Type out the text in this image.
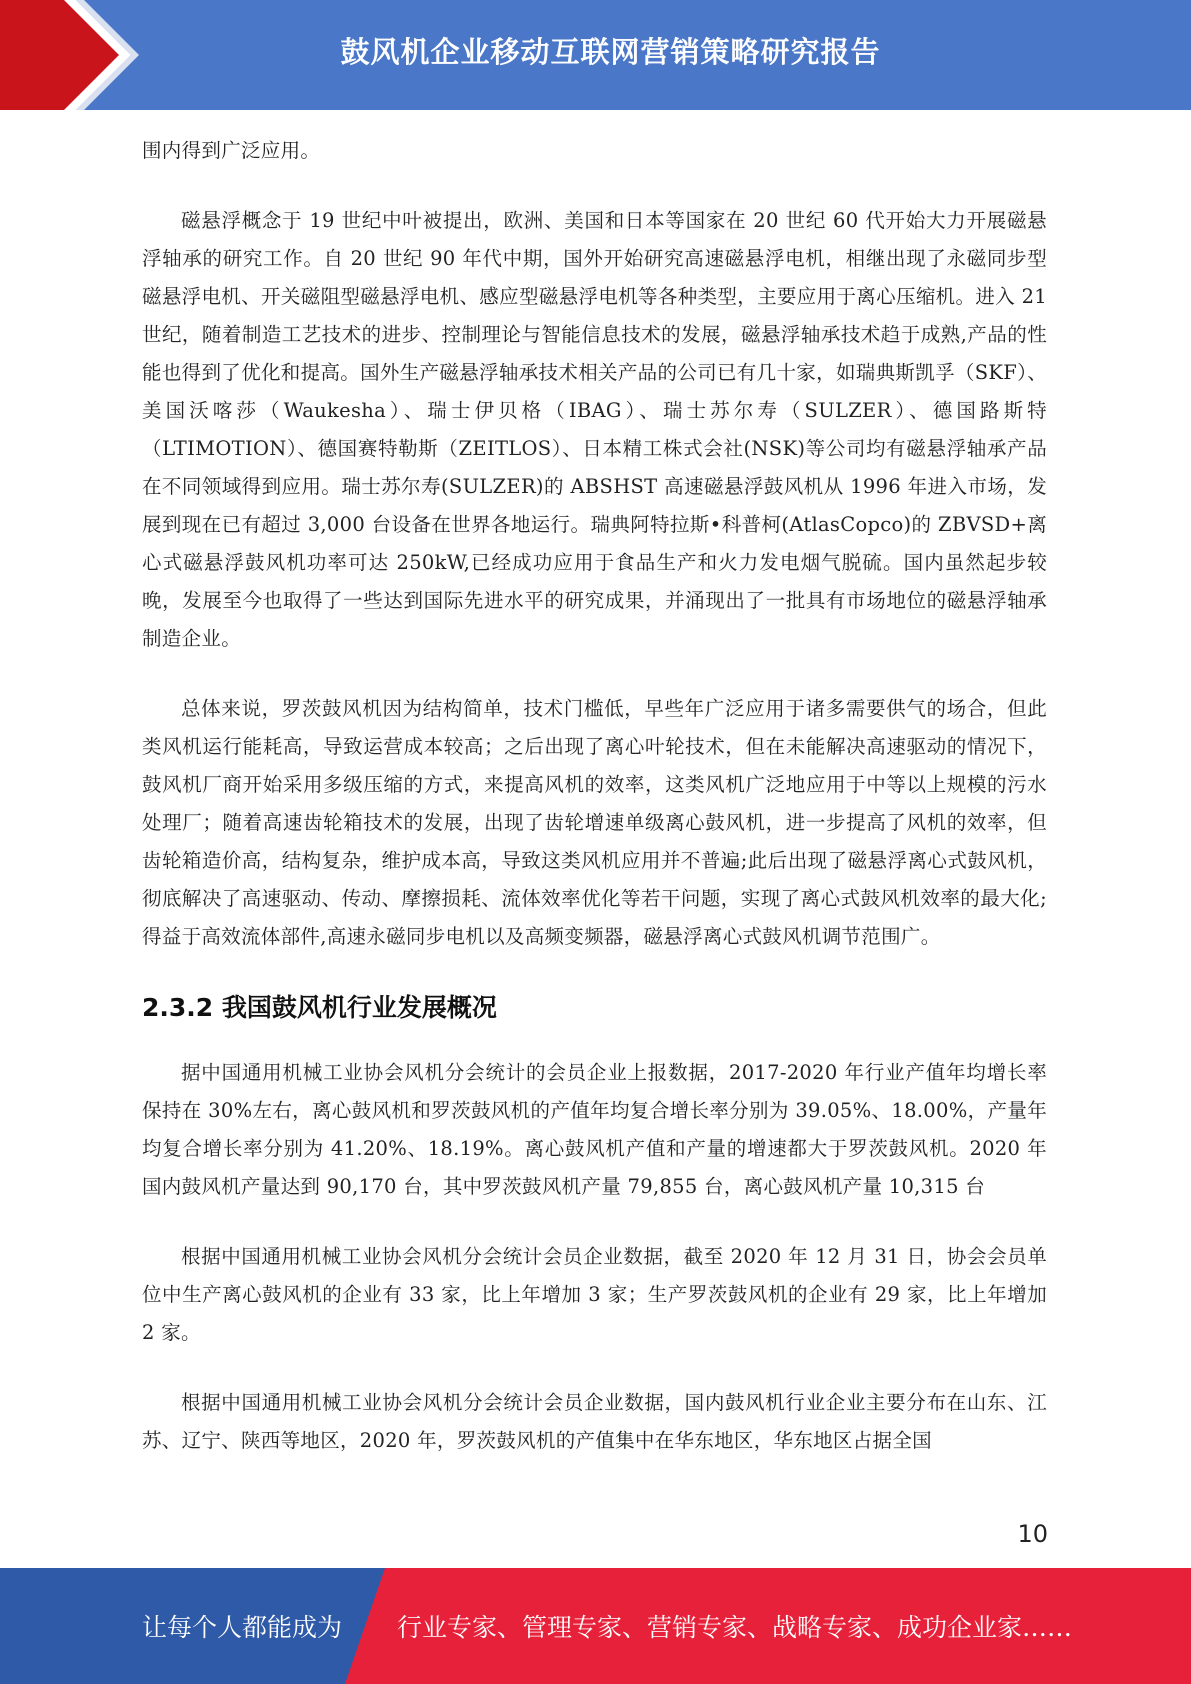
鼓风机企业移动互联网营销策略研究报告

围内得到广泛应用。

磁悬浮概念于 19 世纪中叶被提出，欧洲、美国和日本等国家在 20 世纪 60 代开始大力开展磁悬浮轴承的研究工作。自 20 世纪 90 年代中期，国外开始研究高速磁悬浮电机，相继出现了永磁同步型磁悬浮电机、开关磁阻型磁悬浮电机、感应型磁悬浮电机等各种类型，主要应用于离心压缩机。进入 21 世纪，随着制造工艺技术的进步、控制理论与智能信息技术的发展，磁悬浮轴承技术趋于成熟,产品的性能也得到了优化和提高。国外生产磁悬浮轴承技术相关产品的公司已有几十家，如瑞典斯凯孚（SKF）、美国沃喀莎（Waukesha）、瑞士伊贝格（IBAG）、瑞士苏尔寿（SULZER）、德国路斯特（LTIMOTION）、德国赛特勒斯（ZEITLOS）、日本精工株式会社(NSK)等公司均有磁悬浮轴承产品在不同领域得到应用。瑞士苏尔寿(SULZER)的 ABSHST 高速磁悬浮鼓风机从 1996 年进入市场，发展到现在已有超过 3,000 台设备在世界各地运行。瑞典阿特拉斯•科普柯(AtlasCopco)的 ZBVSD+离心式磁悬浮鼓风机功率可达 250kW,已经成功应用于食品生产和火力发电烟气脱硫。国内虽然起步较晚，发展至今也取得了一些达到国际先进水平的研究成果，并涌现出了一批具有市场地位的磁悬浮轴承制造企业。

总体来说，罗茨鼓风机因为结构简单，技术门槛低，早些年广泛应用于诸多需要供气的场合，但此类风机运行能耗高，导致运营成本较高；之后出现了离心叶轮技术，但在未能解决高速驱动的情况下，鼓风机厂商开始采用多级压缩的方式，来提高风机的效率，这类风机广泛地应用于中等以上规模的污水处理厂；随着高速齿轮箱技术的发展，出现了齿轮增速单级离心鼓风机，进一步提高了风机的效率，但齿轮箱造价高，结构复杂，维护成本高，导致这类风机应用并不普遍;此后出现了磁悬浮离心式鼓风机，彻底解决了高速驱动、传动、摩擦损耗、流体效率优化等若干问题，实现了离心式鼓风机效率的最大化;得益于高效流体部件,高速永磁同步电机以及高频变频器，磁悬浮离心式鼓风机调节范围广。

2.3.2 我国鼓风机行业发展概况

据中国通用机械工业协会风机分会统计的会员企业上报数据，2017-2020 年行业产值年均增长率保持在 30%左右，离心鼓风机和罗茨鼓风机的产值年均复合增长率分别为 39.05%、18.00%，产量年均复合增长率分别为 41.20%、18.19%。离心鼓风机产值和产量的增速都大于罗茨鼓风机。2020 年国内鼓风机产量达到 90,170 台，其中罗茨鼓风机产量 79,855 台，离心鼓风机产量 10,315 台

根据中国通用机械工业协会风机分会统计会员企业数据，截至 2020 年 12 月 31 日，协会会员单位中生产离心鼓风机的企业有 33 家，比上年增加 3 家；生产罗茨鼓风机的企业有 29 家，比上年增加 2 家。

根据中国通用机械工业协会风机分会统计会员企业数据，国内鼓风机行业企业主要分布在山东、江苏、辽宁、陕西等地区，2020 年，罗茨鼓风机的产值集中在华东地区，华东地区占据全国

10
让每个人都能成为 行业专家、管理专家、营销专家、战略专家、成功企业家……
